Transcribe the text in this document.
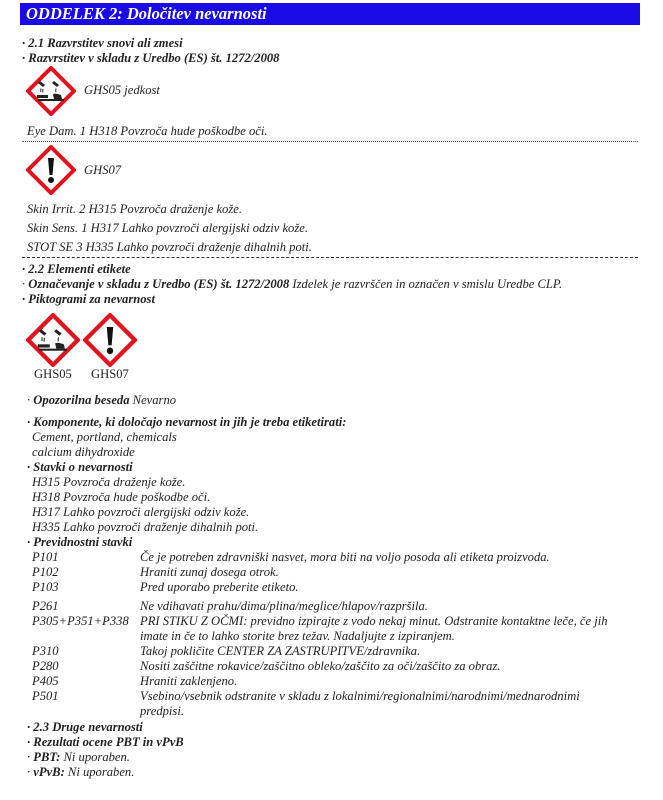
ODDELEK 2: Določitev nevarnosti
· 2.1 Razvrstitev snovi ali zmesi
· Razvrstitev v skladu z Uredbo (ES) št. 1272/2008
GHS05 jedkost
Eye Dam. 1 H318 Povzroča hude poškodbe oči.
GHS07
Skin Irrit. 2 H315 Povzroča draženje kože.
Skin Sens. 1 H317 Lahko povzroči alergijski odziv kože.
STOT SE 3 H335 Lahko povzroči draženje dihalnih poti.
· 2.2 Elementi etikete
· Označevanje v skladu z Uredbo (ES) št. 1272/2008 Izdelek je razvrščen in označen v smislu Uredbe CLP.
· Piktogrami za nevarnost
GHS05 GHS07
· Opozorilna beseda Nevarno
· Komponente, ki določajo nevarnost in jih je treba etiketirati:
Cement, portland, chemicals
calcium dihydroxide
· Stavki o nevarnosti
H315 Povzroča draženje kože.
H318 Povzroča hude poškodbe oči.
H317 Lahko povzroči alergijski odziv kože.
H335 Lahko povzroči draženje dihalnih poti.
· Previdnostni stavki
P101	Če je potreben zdravniški nasvet, mora biti na voljo posoda ali etiketa proizvoda.
P102	Hraniti zunaj dosega otrok.
P103	Pred uporabo preberite etiketo.
P261	Ne vdihavati prahu/dima/plina/meglice/hlapov/razpršila.
P305+P351+P338 PRI STIKU Z OČMI: previdno izpirajte z vodo nekaj minut. Odstranite kontaktne leče, če jih
imate in če to lahko storite brez težav. Nadaljujte z izpiranjem.
P310	Takoj pokličite CENTER ZA ZASTRUPITVE/zdravnika.
P280	Nositi zaščitne rokavice/zaščitno obleko/zaščito za oči/zaščito za obraz.
P405	Hraniti zaklenjeno.
P501	Vsebino/vsebnik odstranite v skladu z lokalnimi/regionalnimi/narodnimi/mednarodnimi
predpisi.
· 2.3 Druge nevarnosti
· Rezultati ocene PBT in vPvB
· PBT: Ni uporaben.
· vPvB: Ni uporaben.
